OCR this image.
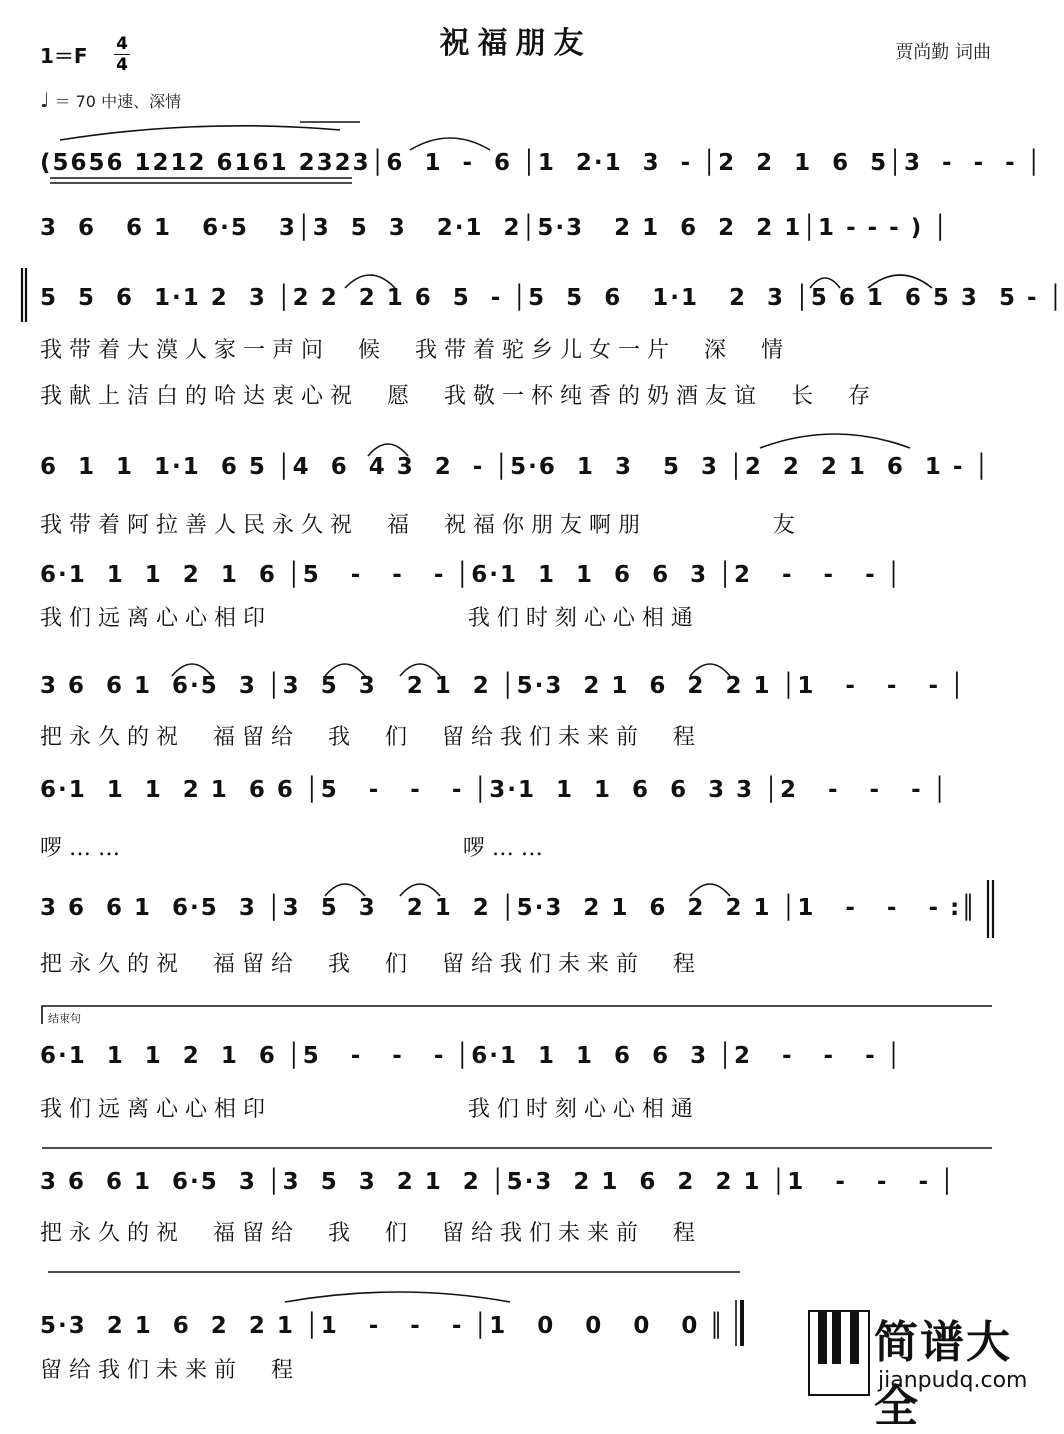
祝福朋友	贾尚勤 词曲
1＝F 4
4
♩ ＝ 70 中速、深情
(5656 1212 6161 2323│6  1  -  6 │1  2·1  3  - │2  2  1  6  5│3  -  -  - │
3  6   6 1   6·5   3│3  5  3   2·1  2│5·3   2 1  6  2  2 1│1 - - - ) │
5  5  6  1·1 2  3 │2 2  2 1 6  5  - │5  5  6   1·1   2  3 │5 6 1  6 5 3  5 - │
我带着大漠人家一声问  候  我带着驼乡儿女一片  深  情
我献上洁白的哈达衷心祝  愿  我敬一杯纯香的奶酒友谊  长  存
6  1  1  1·1  6 5 │4  6  4 3  2  - │5·6  1  3   5  3 │2  2  2 1  6  1 - │
我带着阿拉善人民永久祝  福  祝福你朋友啊朋         友
6·1  1  1  2  1  6 │5   -   -   - │6·1  1  1  6  6  3 │2   -   -   - │
我们远离心心相印              我们时刻心心相通
3 6  6 1  6·5  3 │3  5  3   2 1  2 │5·3  2 1  6  2  2 1 │1   -   -   - │
把永久的祝  福留给  我  们  留给我们未来前  程
6·1  1  1  2 1  6 6 │5   -   -   - │3·1  1  1  6  6  3 3 │2   -   -   - │
啰……                        啰……
3 6  6 1  6·5  3 │3  5  3   2 1  2 │5·3  2 1  6  2  2 1 │1   -   -   - :║
把永久的祝  福留给  我  们  留给我们未来前  程
结束句
6·1  1  1  2  1  6 │5   -   -   - │6·1  1  1  6  6  3 │2   -   -   - │
我们远离心心相印              我们时刻心心相通
3 6  6 1  6·5  3 │3  5  3  2 1  2 │5·3  2 1  6  2  2 1 │1   -   -   - │
把永久的祝  福留给  我  们  留给我们未来前  程
5·3  2 1  6  2  2 1 │1   -   -   - │1   0   0   0   0 ║
留给我们未来前  程
简谱大全
jianpudq.com
